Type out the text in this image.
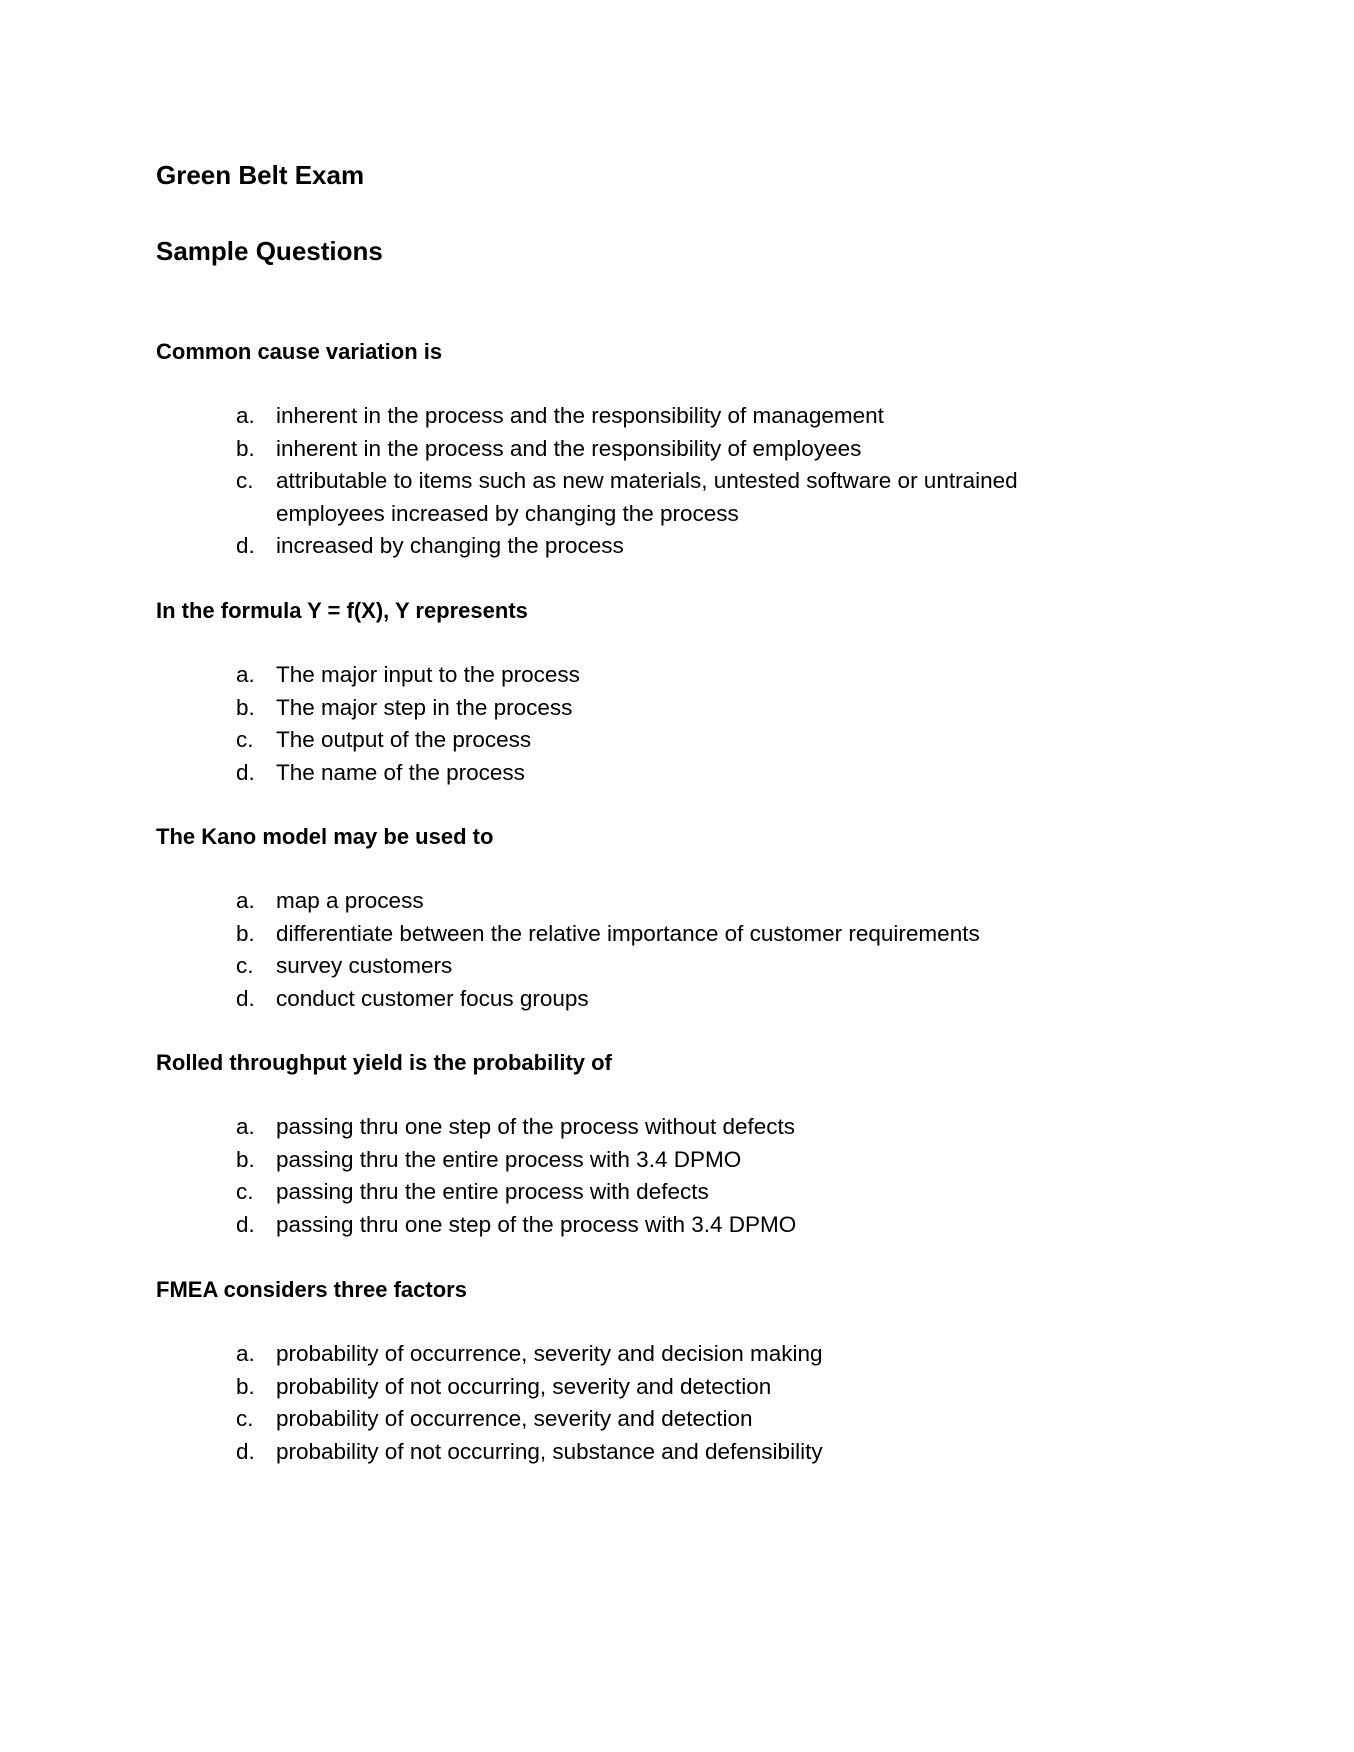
Green Belt Exam
Sample Questions

Common cause variation is

a. inherent in the process and the responsibility of management
b. inherent in the process and the responsibility of employees
c. attributable to items such as new materials, untested software or untrained employees increased by changing the process
d. increased by changing the process

In the formula Y = f(X), Y represents

a. The major input to the process
b. The major step in the process
c. The output of the process
d. The name of the process

The Kano model may be used to

a. map a process
b. differentiate between the relative importance of customer requirements
c. survey customers
d. conduct customer focus groups

Rolled throughput yield is the probability of

a. passing thru one step of the process without defects
b. passing thru the entire process with 3.4 DPMO
c. passing thru the entire process with defects
d. passing thru one step of the process with 3.4 DPMO

FMEA considers three factors

a. probability of occurrence, severity and decision making
b. probability of not occurring, severity and detection
c. probability of occurrence, severity and detection
d. probability of not occurring, substance and defensibility
